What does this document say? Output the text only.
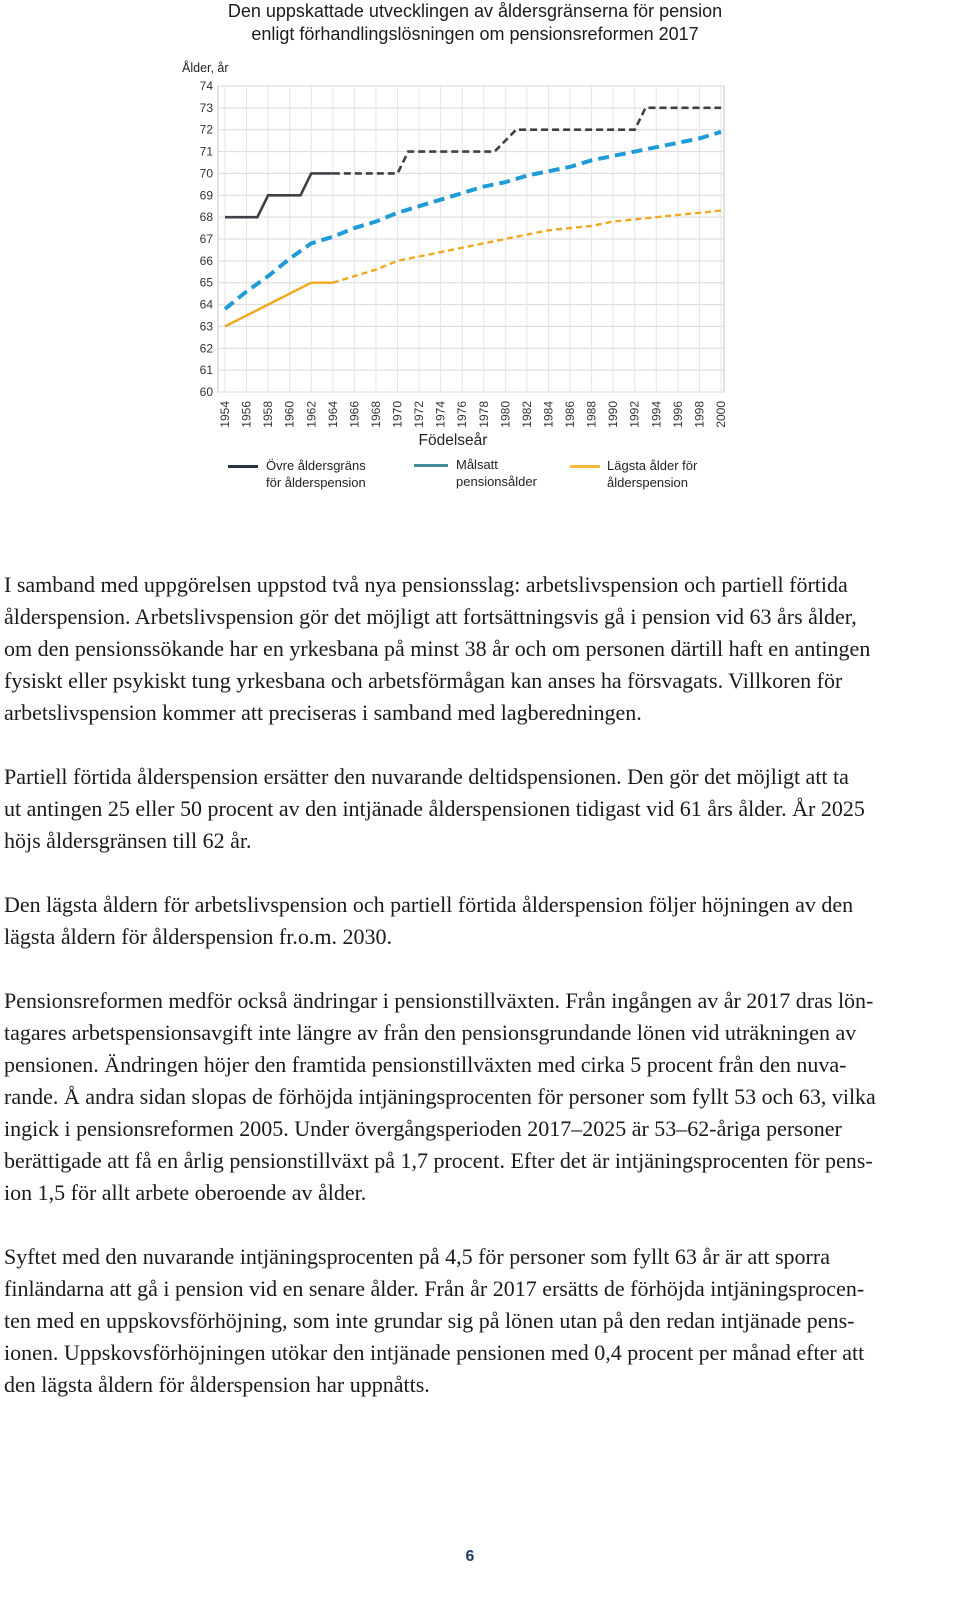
Den uppskattade utvecklingen av åldersgränserna för pension
enligt förhandlingslösningen om pensionsreformen 2017
Ålder, år
60
61
62
63
64
65
66
67
68
69
70
71
72
73
74
1954 1956 1958 1960 1962 1964 1966 1968 1970 1972 1974 1976 1978 1980 1982 1984 1986 1988 1990 1992 1994 1996 1998 2000
Födelseår
Övre åldersgräns
för ålderspension
Målsatt
pensionsålder
Lägsta ålder för
ålderspension
I samband med uppgörelsen uppstod två nya pensionsslag: arbetslivspension och partiell förtida
ålderspension. Arbetslivspension gör det möjligt att fortsättningsvis gå i pension vid 63 års ålder,
om den pensionssökande har en yrkesbana på minst 38 år och om personen därtill haft en antingen
fysiskt eller psykiskt tung yrkesbana och arbetsförmågan kan anses ha försvagats. Villkoren för
arbetslivspension kommer att preciseras i samband med lagberedningen.
Partiell förtida ålderspension ersätter den nuvarande deltidspensionen. Den gör det möjligt att ta
ut antingen 25 eller 50 procent av den intjänade ålderspensionen tidigast vid 61 års ålder. År 2025
höjs åldersgränsen till 62 år.
Den lägsta åldern för arbetslivspension och partiell förtida ålderspension följer höjningen av den
lägsta åldern för ålderspension fr.o.m. 2030.
Pensionsreformen medför också ändringar i pensionstillväxten. Från ingången av år 2017 dras lön-
tagares arbetspensionsavgift inte längre av från den pensionsgrundande lönen vid uträkningen av
pensionen. Ändringen höjer den framtida pensionstillväxten med cirka 5 procent från den nuva-
rande. Å andra sidan slopas de förhöjda intjäningsprocenten för personer som fyllt 53 och 63, vilka
ingick i pensionsreformen 2005. Under övergångsperioden 2017–2025 är 53–62-åriga personer
berättigade att få en årlig pensionstillväxt på 1,7 procent. Efter det är intjäningsprocenten för pens-
ion 1,5 för allt arbete oberoende av ålder.
Syftet med den nuvarande intjäningsprocenten på 4,5 för personer som fyllt 63 år är att sporra
finländarna att gå i pension vid en senare ålder. Från år 2017 ersätts de förhöjda intjäningsprocen-
ten med en uppskovsförhöjning, som inte grundar sig på lönen utan på den redan intjänade pens-
ionen. Uppskovsförhöjningen utökar den intjänade pensionen med 0,4 procent per månad efter att
den lägsta åldern för ålderspension har uppnåtts.
6
